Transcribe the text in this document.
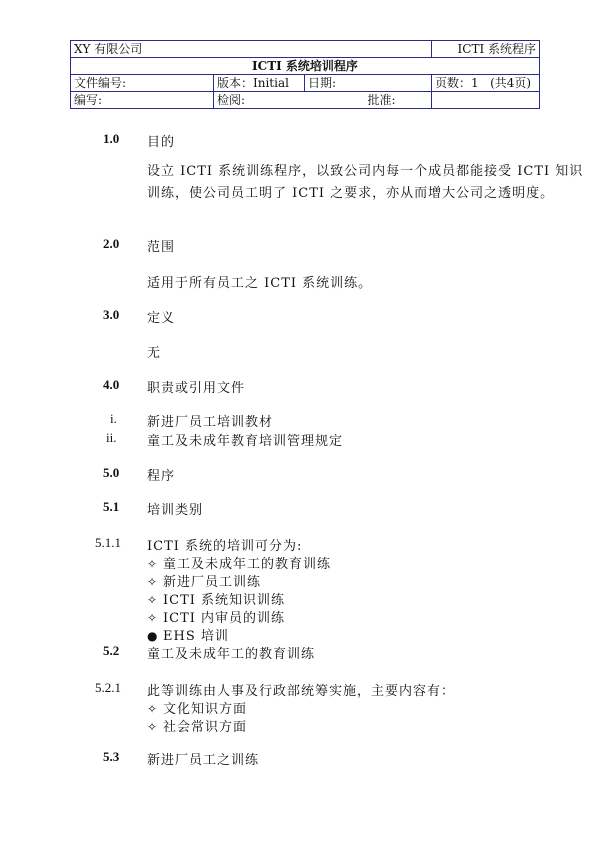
XY 有限公司			ICTI 系统程序
ICTI 系统培训程序			
文件编号:	版本：Initial	日期:	页数：1 (共4页)
编写:	检阅: 批准:		

1.0 目的
设立 ICTI 系统训练程序，以致公司内每一个成员都能接受 ICTI 知识训练，使公司员工明了 ICTI 之要求，亦从而增大公司之透明度。
2.0 范围
适用于所有员工之 ICTI 系统训练。
3.0 定义
无
4.0 职责或引用文件
i. 新进厂员工培训教材
ii. 童工及未成年教育培训管理规定
5.0 程序
5.1 培训类别
5.1.1 ICTI 系统的培训可分为:
✧ 童工及未成年工的教育训练
✧ 新进厂员工训练
✧ ICTI 系统知识训练
✧ ICTI 内审员的训练
● EHS 培训
5.2 童工及未成年工的教育训练
5.2.1 此等训练由人事及行政部统筹实施，主要内容有：
✧ 文化知识方面
✧ 社会常识方面
5.3 新进厂员工之训练
